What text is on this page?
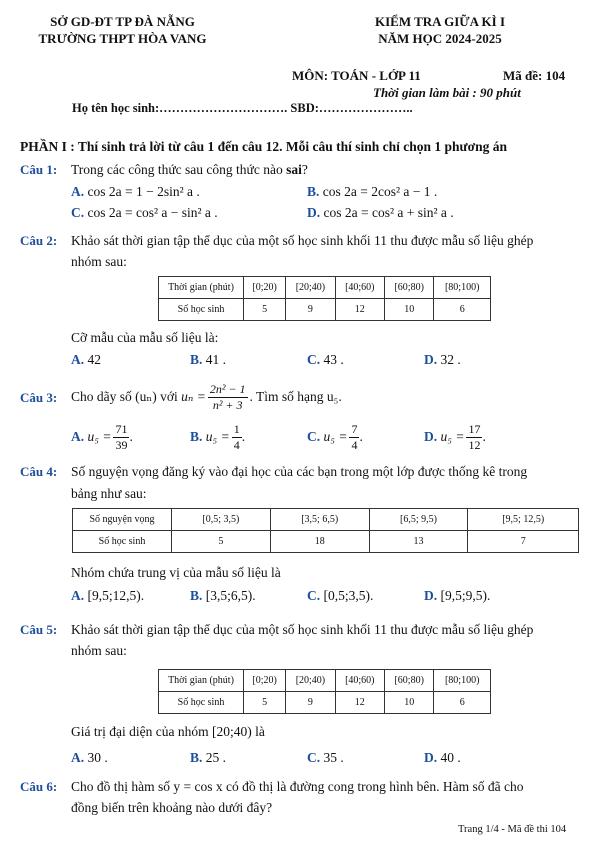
SỞ GD-ĐT TP ĐÀ NẴNG
TRƯỜNG THPT HÒA VANG
KIỂM TRA GIỮA KÌ I
NĂM HỌC 2024-2025
MÔN: TOÁN - LỚP 11	Mã đề: 104
Thời gian làm bài : 90 phút
Họ tên học sinh:…………………………. SBD:…………………..
PHẦN I : Thí sinh trả lời từ câu 1 đến câu 12. Mỗi câu thí sinh chỉ chọn 1 phương án
Câu 1: Trong các công thức sau công thức nào sai?
A. cos 2a = 1 − 2sin² a .	B. cos 2a = 2cos² a − 1 .
C. cos 2a = cos² a − sin² a .	D. cos 2a = cos² a + sin² a .
Câu 2: Khảo sát thời gian tập thể dục của một số học sinh khối 11 thu được mẫu số liệu ghép
nhóm sau:
Thời gian (phút)	[0;20)	[20;40)	[40;60)	[60;80)	[80;100)
Số học sinh	5	9	12	10	6
Cỡ mẫu của mẫu số liệu là:
A. 42	B. 41 .	C. 43 .	D. 32 .
Câu 3: Cho dãy số (uₙ) với
$u_n = \frac{\text{2n² − 1}}{\text{n² + 3}}$ . Tìm số hạng u₅.
A.
$u_5 = \frac{71}{39}$ .	B.
$u_5 = \frac{1}{4}$ .	C.
$u_5 = \frac{7}{4}$ .	D.
$u_5 = \frac{17}{12}$ .
Câu 4: Số nguyện vọng đăng ký vào đại học của các bạn trong một lớp được thống kê trong
bảng như sau:
Số nguyện vọng	[0,5; 3,5)	[3,5; 6,5)	[6,5; 9,5)	[9,5; 12,5)
Số học sinh	5	18	13	7
Nhóm chứa trung vị của mẫu số liệu là
A. [9,5;12,5).	B. [3,5;6,5).	C. [0,5;3,5).	D. [9,5;9,5).
Câu 5: Khảo sát thời gian tập thể dục của một số học sinh khối 11 thu được mẫu số liệu ghép
nhóm sau:
Thời gian (phút)	[0;20)	[20;40)	[40;60)	[60;80)	[80;100)
Số học sinh	5	9	12	10	6
Giá trị đại diện của nhóm [20;40) là
A. 30 .	B. 25 .	C. 35 .	D. 40 .
Câu 6: Cho đồ thị hàm số y = cos x có đồ thị là đường cong trong hình bên. Hàm số đã cho
đồng biến trên khoảng nào dưới đây?
Trang 1/4 - Mã đề thi 104
